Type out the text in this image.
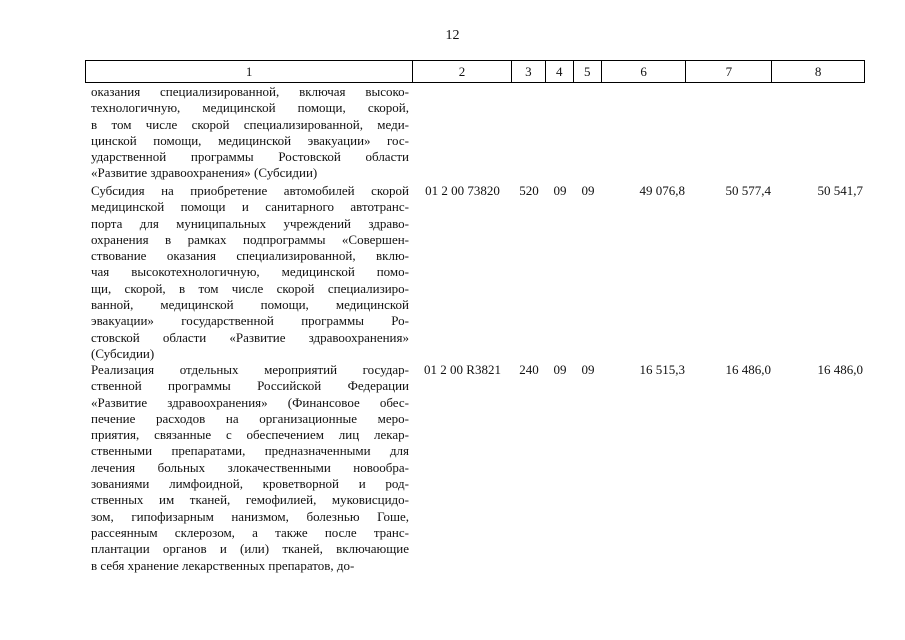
12
1	2	3	4	5	6	7	8
оказания специализированной, включая высоко-
технологичную, медицинской помощи, скорой,
в том числе скорой специализированной, меди-
цинской помощи, медицинской эвакуации» гос-
ударственной программы Ростовской области
«Развитие здравоохранения» (Субсидии)
Субсидия на приобретение автомобилей скорой
медицинской помощи и санитарного автотранс-
порта для муниципальных учреждений здраво-
охранения в рамках подпрограммы «Совершен-
ствование оказания специализированной, вклю-
чая высокотехнологичную, медицинской помо-
щи, скорой, в том числе скорой специализиро-
ванной, медицинской помощи, медицинской
эвакуации» государственной программы Ро-
стовской области «Развитие здравоохранения»
(Субсидии)
01 2 00 73820	520	09	09	49 076,8	50 577,4	50 541,7
Реализация отдельных мероприятий государ-
ственной программы Российской Федерации
«Развитие здравоохранения» (Финансовое обес-
печение расходов на организационные меро-
приятия, связанные с обеспечением лиц лекар-
ственными препаратами, предназначенными для
лечения больных злокачественными новообра-
зованиями лимфоидной, кроветворной и род-
ственных им тканей, гемофилией, муковисцидо-
зом, гипофизарным нанизмом, болезнью Гоше,
рассеянным склерозом, а также после транс-
плантации органов и (или) тканей, включающие
в себя хранение лекарственных препаратов, до-
01 2 00 R3821	240	09	09	16 515,3	16 486,0	16 486,0
